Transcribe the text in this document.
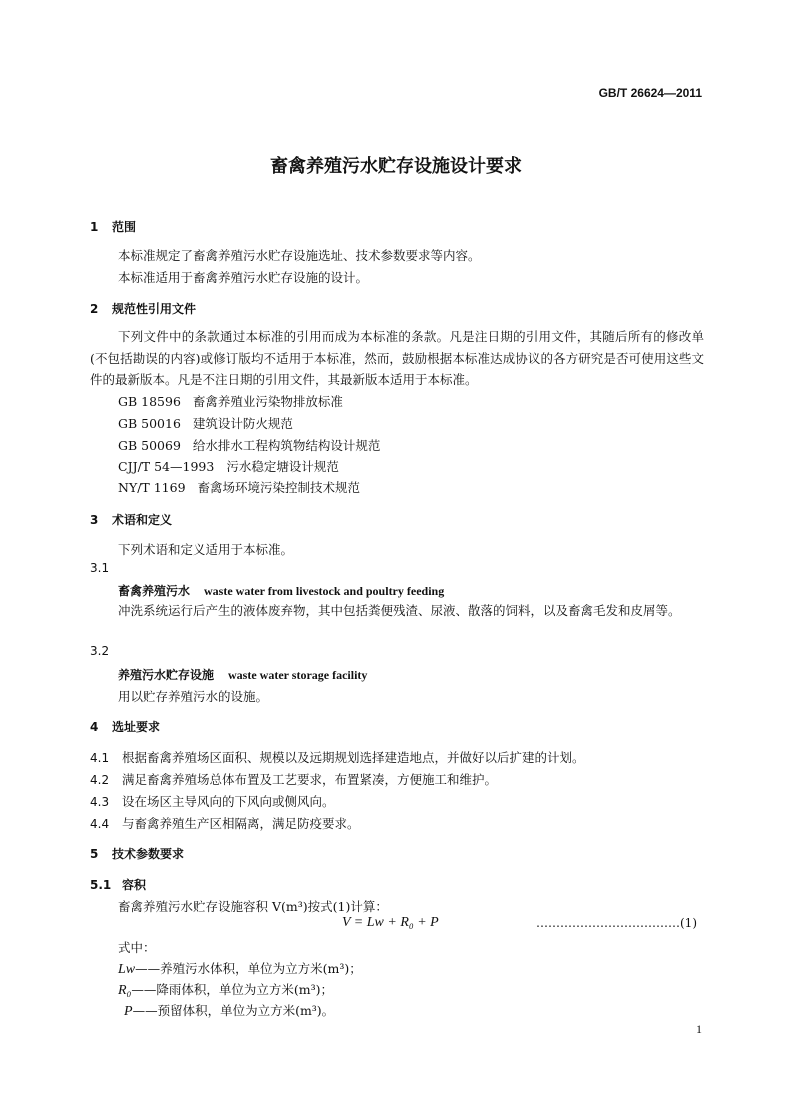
GB/T 26624—2011
畜禽养殖污水贮存设施设计要求
1 范围
本标准规定了畜禽养殖污水贮存设施选址、技术参数要求等内容。
本标准适用于畜禽养殖污水贮存设施的设计。
2 规范性引用文件
下列文件中的条款通过本标准的引用而成为本标准的条款。凡是注日期的引用文件，其随后所有的修改单(不包括勘误的内容)或修订版均不适用于本标准，然而，鼓励根据本标准达成协议的各方研究是否可使用这些文件的最新版本。凡是不注日期的引用文件，其最新版本适用于本标准。
GB 18596 畜禽养殖业污染物排放标准
GB 50016 建筑设计防火规范
GB 50069 给水排水工程构筑物结构设计规范
CJJ/T 54—1993 污水稳定塘设计规范
NY/T 1169 畜禽场环境污染控制技术规范
3 术语和定义
下列术语和定义适用于本标准。
3.1
畜禽养殖污水 waste water from livestock and poultry feeding
冲洗系统运行后产生的液体废弃物，其中包括粪便残渣、尿液、散落的饲料，以及畜禽毛发和皮屑等。
3.2
养殖污水贮存设施 waste water storage facility
用以贮存养殖污水的设施。
4 选址要求
4.1 根据畜禽养殖场区面积、规模以及远期规划选择建造地点，并做好以后扩建的计划。
4.2 满足畜禽养殖场总体布置及工艺要求，布置紧凑，方便施工和维护。
4.3 设在场区主导风向的下风向或侧风向。
4.4 与畜禽养殖生产区相隔离，满足防疫要求。
5 技术参数要求
5.1 容积
畜禽养殖污水贮存设施容积 V(m³)按式(1)计算：
V = Lw + R₀ + P	………………………………(1)
式中：
Lw——养殖污水体积，单位为立方米(m³)；
R₀——降雨体积，单位为立方米(m³)；
P——预留体积，单位为立方米(m³)。
1
